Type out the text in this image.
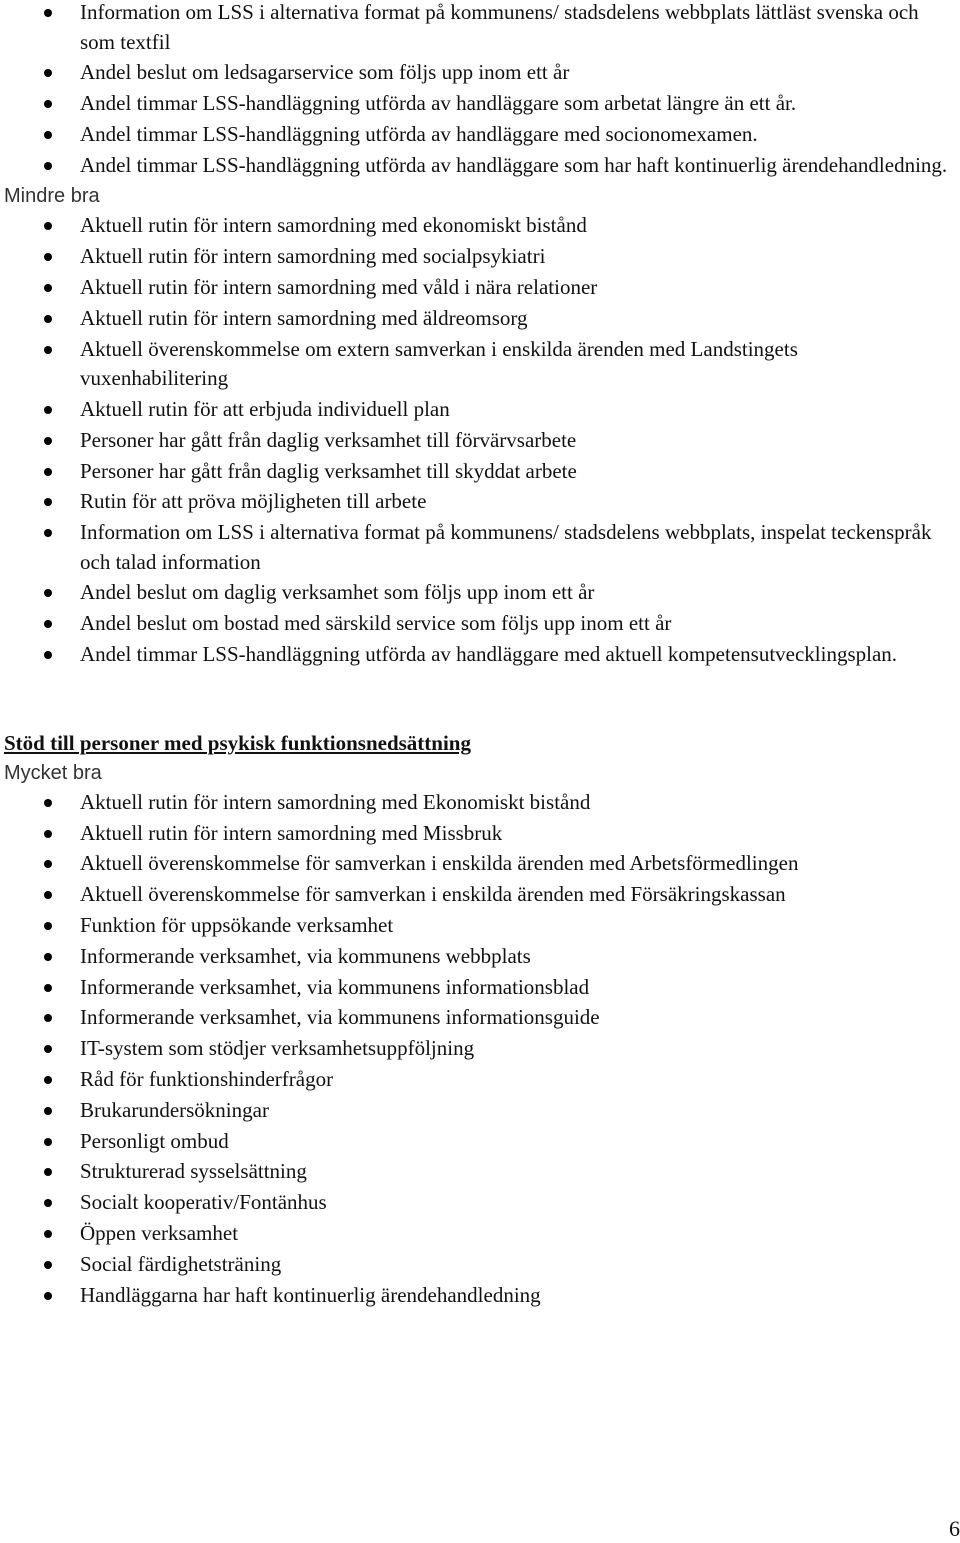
Information om LSS i alternativa format på kommunens/ stadsdelens webbplats lättläst svenska och som textfil
Andel beslut om ledsagarservice som följs upp inom ett år
Andel timmar LSS-handläggning utförda av handläggare som arbetat längre än ett år.
Andel timmar LSS-handläggning utförda av handläggare med socionomexamen.
Andel timmar LSS-handläggning utförda av handläggare som har haft kontinuerlig ärendehandledning.

Mindre bra

Aktuell rutin för intern samordning med ekonomiskt bistånd
Aktuell rutin för intern samordning med socialpsykiatri
Aktuell rutin för intern samordning med våld i nära relationer
Aktuell rutin för intern samordning med äldreomsorg
Aktuell överenskommelse om extern samverkan i enskilda ärenden med Landstingets vuxenhabilitering
Aktuell rutin för att erbjuda individuell plan
Personer har gått från daglig verksamhet till förvärvsarbete
Personer har gått från daglig verksamhet till skyddat arbete
Rutin för att pröva möjligheten till arbete
Information om LSS i alternativa format på kommunens/ stadsdelens webbplats, inspelat teckenspråk och talad information
Andel beslut om daglig verksamhet som följs upp inom ett år
Andel beslut om bostad med särskild service som följs upp inom ett år
Andel timmar LSS-handläggning utförda av handläggare med aktuell kompetensutvecklingsplan.

Stöd till personer med psykisk funktionsnedsättning

Mycket bra

Aktuell rutin för intern samordning med Ekonomiskt bistånd
Aktuell rutin för intern samordning med Missbruk
Aktuell överenskommelse för samverkan i enskilda ärenden med Arbetsförmedlingen
Aktuell överenskommelse för samverkan i enskilda ärenden med Försäkringskassan
Funktion för uppsökande verksamhet
Informerande verksamhet, via kommunens webbplats
Informerande verksamhet, via kommunens informationsblad
Informerande verksamhet, via kommunens informationsguide
IT-system som stödjer verksamhetsuppföljning
Råd för funktionshinderfrågor
Brukarundersökningar
Personligt ombud
Strukturerad sysselsättning
Socialt kooperativ/Fontänhus
Öppen verksamhet
Social färdighetsträning
Handläggarna har haft kontinuerlig ärendehandledning
6
